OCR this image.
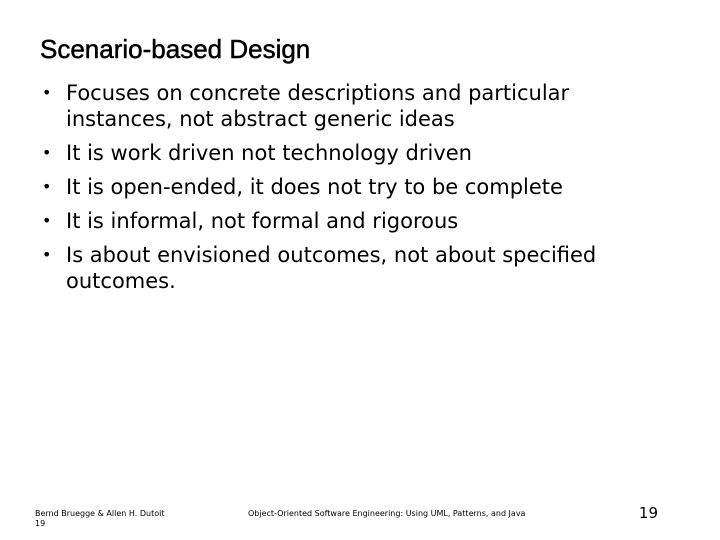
Scenario-based Design
• Focuses on concrete descriptions and particular instances, not abstract generic ideas
• It is work driven not technology driven
• It is open-ended, it does not try to be complete
• It is informal, not formal and rigorous
• Is about envisioned outcomes, not about specified outcomes.
Bernd Bruegge & Allen H. Dutoit
19
Object-Oriented Software Engineering: Using UML, Patterns, and Java	19
